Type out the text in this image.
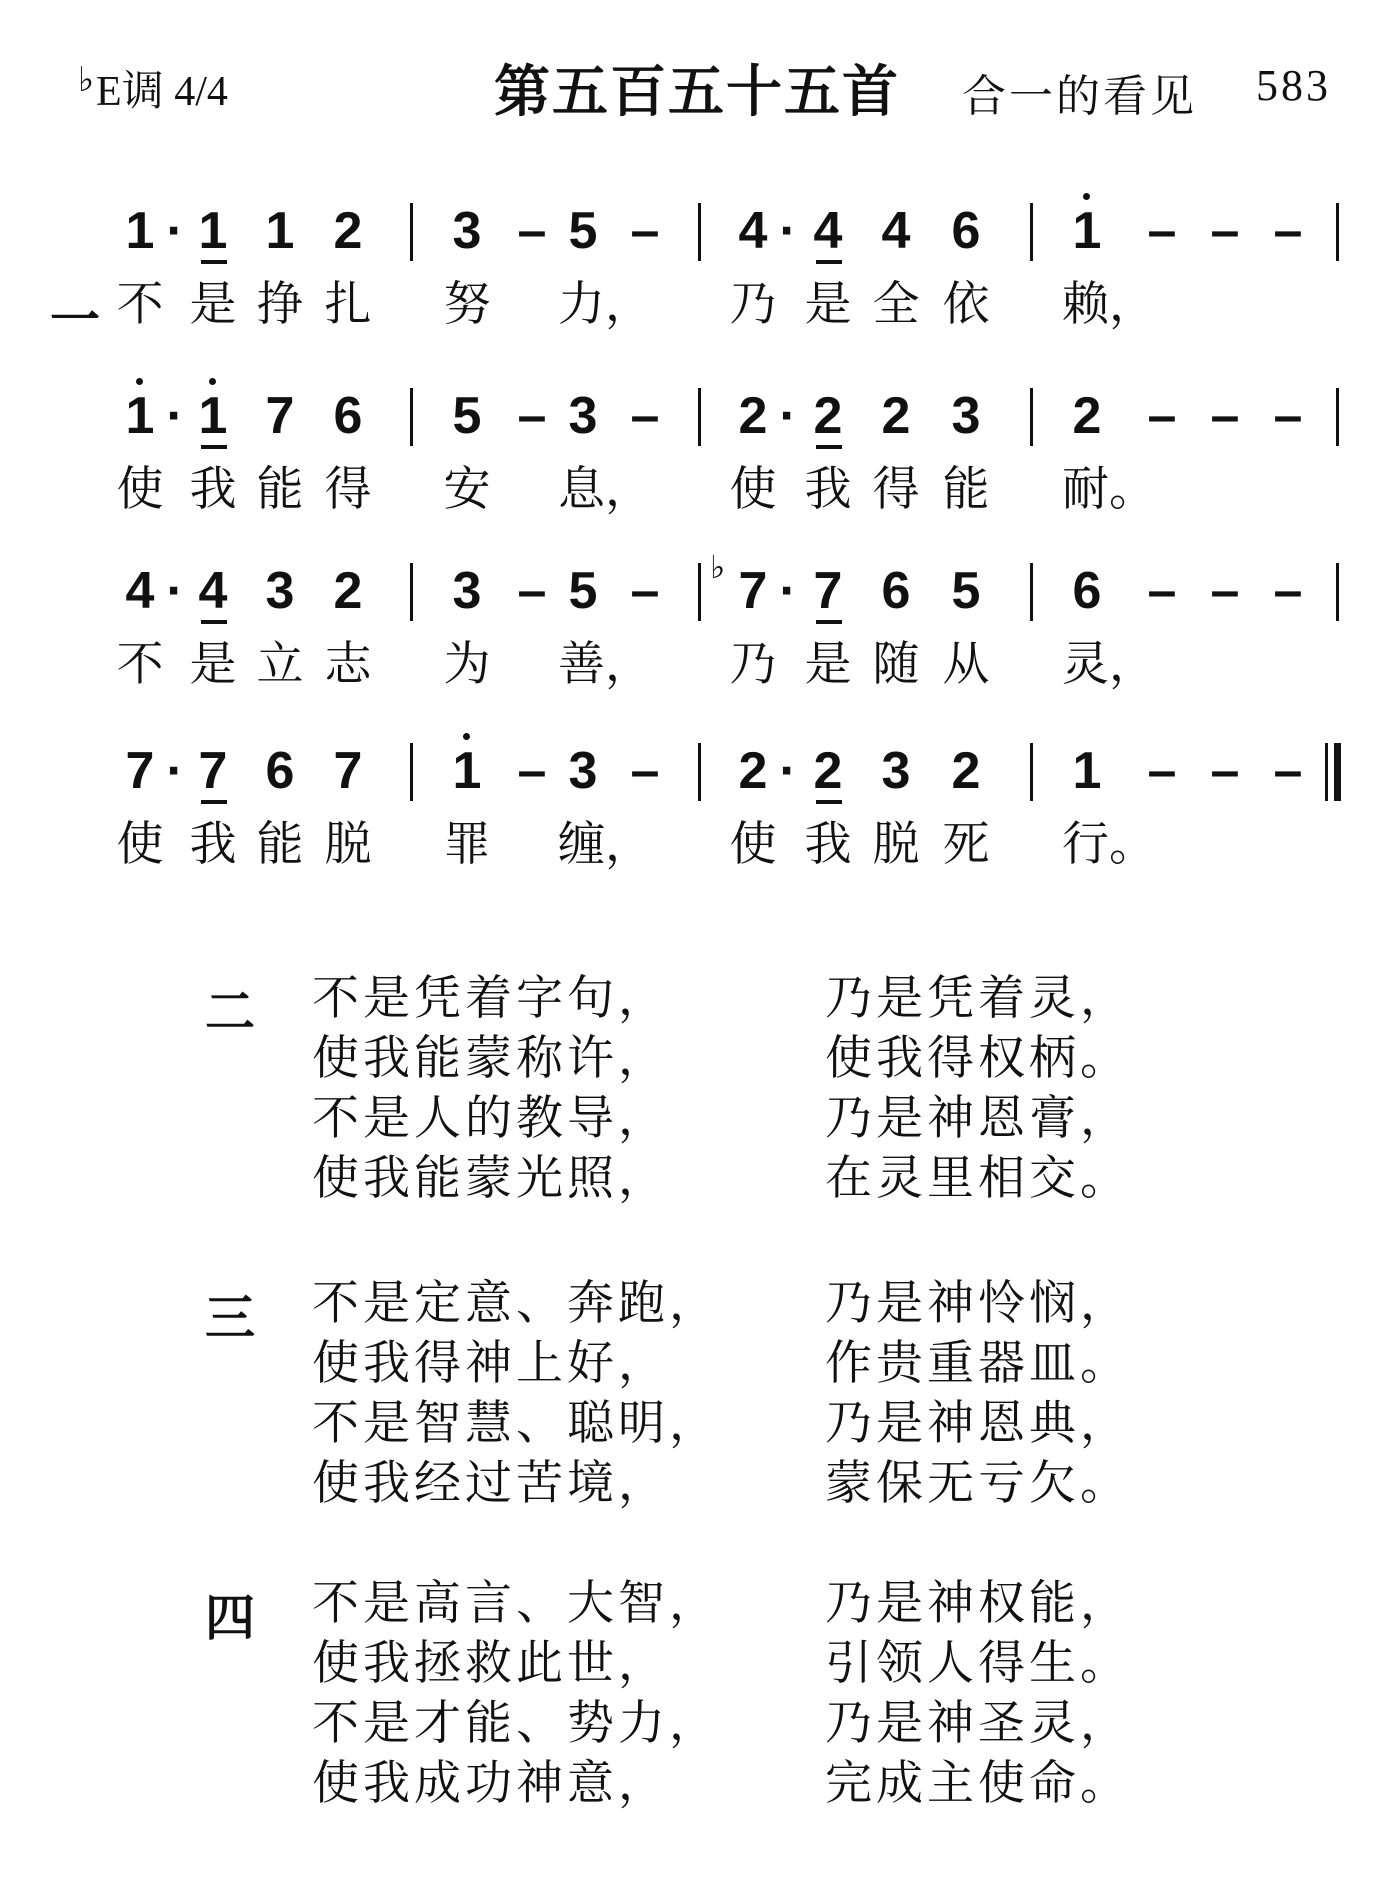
♭E调 4/4	第五百五十五首 合一的看见 583
一
1 · 1 1 2 3 – 5 – 4 · 4 4 6 1 – – –
不 是 挣 扎 努 力， 乃 是 全 依 赖，
1 · 1 7 6 5 – 3 – 2 · 2 2 3 2 – – –
使 我 能 得 安 息， 使 我 得 能 耐。
4 · 4 3 2 3 – 5 – ♭ 7 · 7 6 5 6 – – –
不 是 立 志 为 善， 乃 是 随 从 灵，
7 · 7 6 7 1 – 3 – 2 · 2 3 2 1 – – –
使 我 能 脱 罪 缠， 使 我 脱 死 行。
二 不是凭着字句，	乃是凭着灵，
使我能蒙称许，	使我得权柄。
不是人的教导，	乃是神恩膏，
使我能蒙光照，	在灵里相交。
三 不是定意、奔跑， 乃是神怜悯，
使我得神上好，	作贵重器皿。
不是智慧、聪明， 乃是神恩典，
使我经过苦境，	蒙保无亏欠。
四 不是高言、大智， 乃是神权能，
使我拯救此世，	引领人得生。
不是才能、势力， 乃是神圣灵，
使我成功神意，	完成主使命。
